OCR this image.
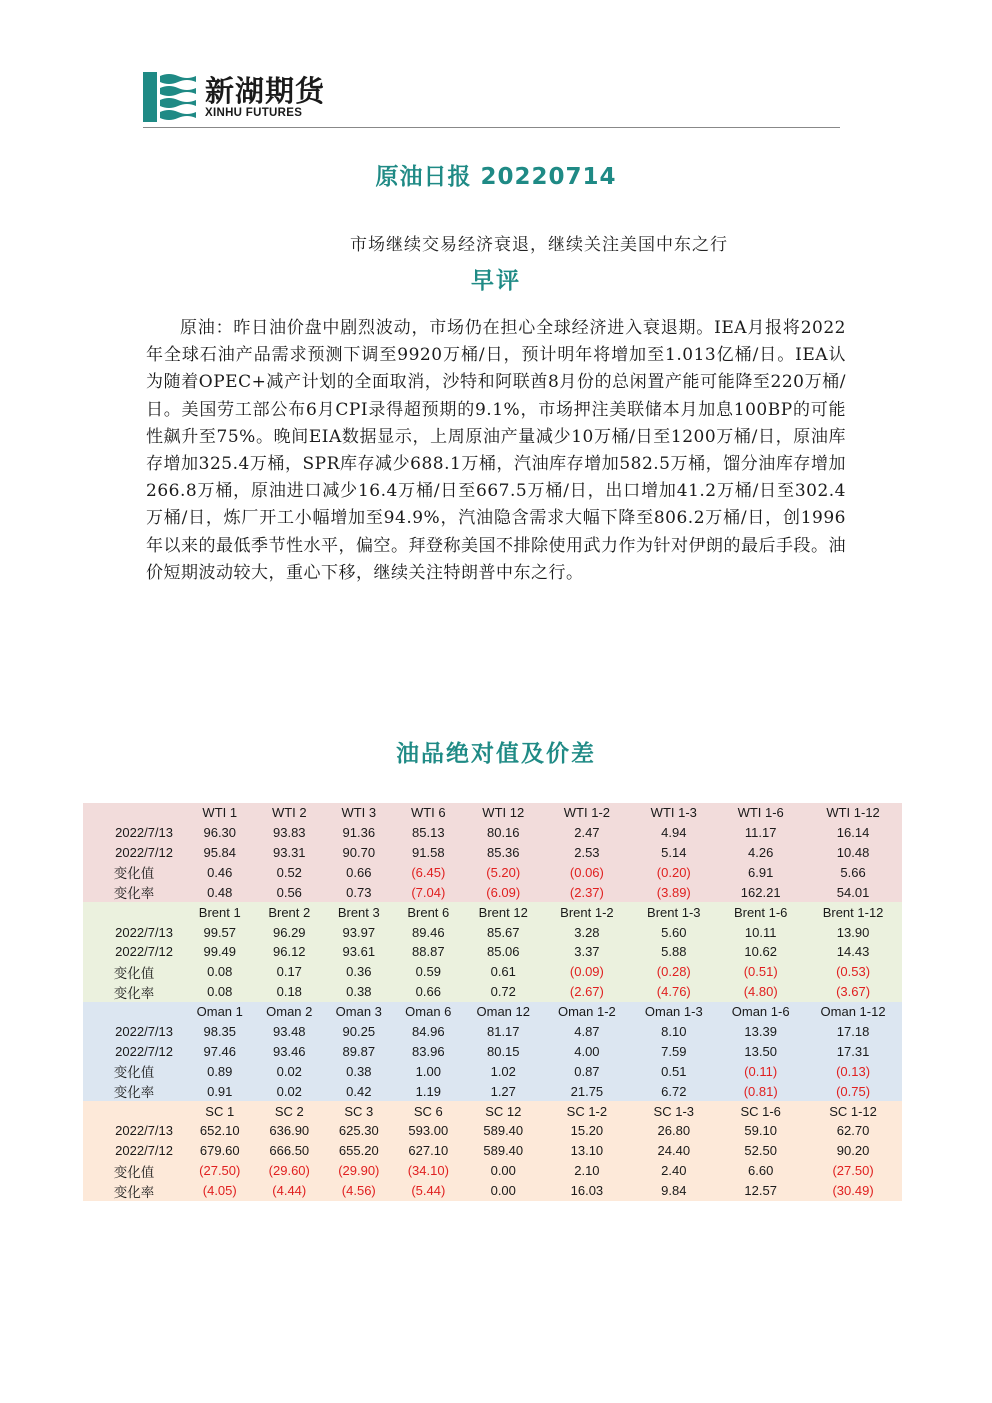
新湖期货
XINHU FUTURES
原油日报 20220714
市场继续交易经济衰退，继续关注美国中东之行
早评

原油：昨日油价盘中剧烈波动，市场仍在担心全球经济进入衰退期。IEA月报将2022年全球石油产品需求预测下调至9920万桶/日，预计明年将增加至1.013亿桶/日。IEA认为随着OPEC+减产计划的全面取消，沙特和阿联酋8月份的总闲置产能可能降至220万桶/日。美国劳工部公布6月CPI录得超预期的9.1%，市场押注美联储本月加息100BP的可能性飙升至75%。晚间EIA数据显示，上周原油产量减少10万桶/日至1200万桶/日，原油库存增加325.4万桶，SPR库存减少688.1万桶，汽油库存增加582.5万桶，馏分油库存增加266.8万桶，原油进口减少16.4万桶/日至667.5万桶/日，出口增加41.2万桶/日至302.4万桶/日，炼厂开工小幅增加至94.9%，汽油隐含需求大幅下降至806.2万桶/日，创1996年以来的最低季节性水平，偏空。拜登称美国不排除使用武力作为针对伊朗的最后手段。油价短期波动较大，重心下移，继续关注特朗普中东之行。

油品绝对值及价差
	WTI 1	WTI 2	WTI 3	WTI 6	WTI 12	WTI 1-2	WTI 1-3	WTI 1-6	WTI 1-12
2022/7/13	96.30	93.83	91.36	85.13	80.16	2.47	4.94	11.17	16.14
2022/7/12	95.84	93.31	90.70	91.58	85.36	2.53	5.14	4.26	10.48
变化值	0.46	0.52	0.66	(6.45)	(5.20)	(0.06)	(0.20)	6.91	5.66
变化率	0.48	0.56	0.73	(7.04)	(6.09)	(2.37)	(3.89)	162.21	54.01
	Brent 1	Brent 2	Brent 3	Brent 6	Brent 12	Brent 1-2	Brent 1-3	Brent 1-6	Brent 1-12
2022/7/13	99.57	96.29	93.97	89.46	85.67	3.28	5.60	10.11	13.90
2022/7/12	99.49	96.12	93.61	88.87	85.06	3.37	5.88	10.62	14.43
变化值	0.08	0.17	0.36	0.59	0.61	(0.09)	(0.28)	(0.51)	(0.53)
变化率	0.08	0.18	0.38	0.66	0.72	(2.67)	(4.76)	(4.80)	(3.67)
	Oman 1	Oman 2	Oman 3	Oman 6	Oman 12	Oman 1-2	Oman 1-3	Oman 1-6	Oman 1-12
2022/7/13	98.35	93.48	90.25	84.96	81.17	4.87	8.10	13.39	17.18
2022/7/12	97.46	93.46	89.87	83.96	80.15	4.00	7.59	13.50	17.31
变化值	0.89	0.02	0.38	1.00	1.02	0.87	0.51	(0.11)	(0.13)
变化率	0.91	0.02	0.42	1.19	1.27	21.75	6.72	(0.81)	(0.75)
	SC 1	SC 2	SC 3	SC 6	SC 12	SC 1-2	SC 1-3	SC 1-6	SC 1-12
2022/7/13	652.10	636.90	625.30	593.00	589.40	15.20	26.80	59.10	62.70
2022/7/12	679.60	666.50	655.20	627.10	589.40	13.10	24.40	52.50	90.20
变化值	(27.50)	(29.60)	(29.90)	(34.10)	0.00	2.10	2.40	6.60	(27.50)
变化率	(4.05)	(4.44)	(4.56)	(5.44)	0.00	16.03	9.84	12.57	(30.49)
